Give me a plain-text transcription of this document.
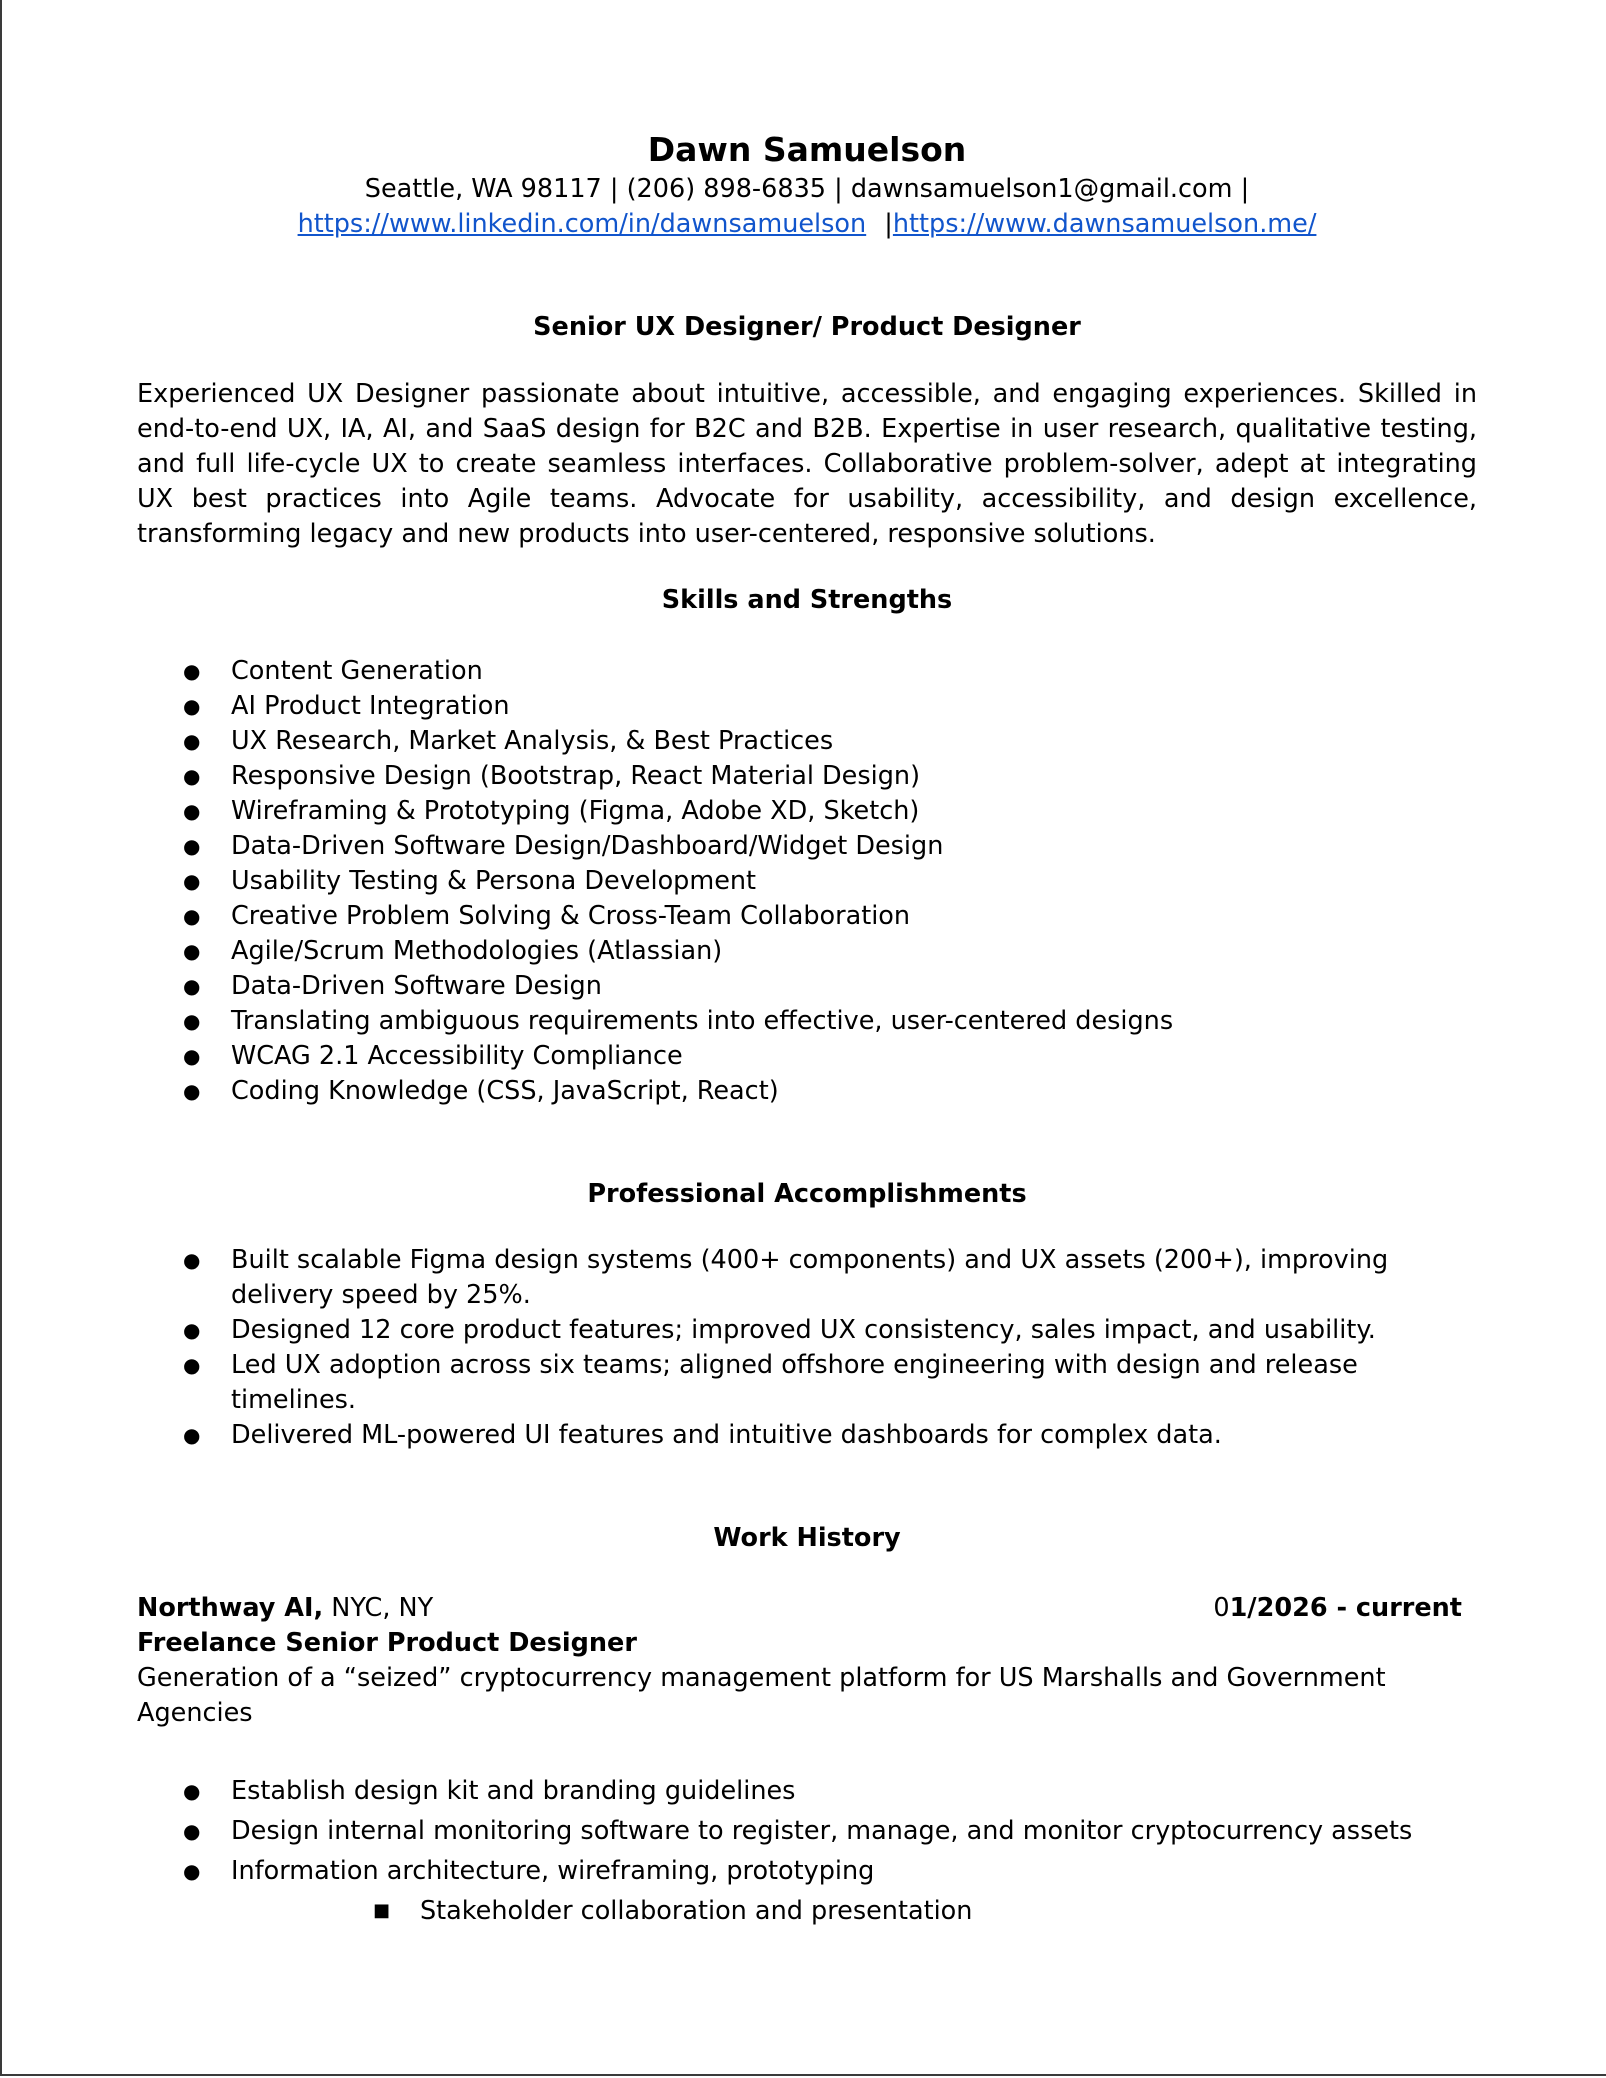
Dawn Samuelson
Seattle, WA 98117 | (206) 898-6835 | dawnsamuelson1@gmail.com |
https://www.linkedin.com/in/dawnsamuelson |https://www.dawnsamuelson.me/
Senior UX Designer/ Product Designer
Experienced UX Designer passionate about intuitive, accessible, and engaging experiences. Skilled in end-to-end UX, IA, AI, and SaaS design for B2C and B2B. Expertise in user research, qualitative testing, and full life-cycle UX to create seamless interfaces. Collaborative problem-solver, adept at integrating UX best practices into Agile teams. Advocate for usability, accessibility, and design excellence, transforming legacy and new products into user-centered, responsive solutions.
Skills and Strengths
● Content Generation
● AI Product Integration
● UX Research, Market Analysis, & Best Practices
● Responsive Design (Bootstrap, React Material Design)
● Wireframing & Prototyping (Figma, Adobe XD, Sketch)
● Data-Driven Software Design/Dashboard/Widget Design
● Usability Testing & Persona Development
● Creative Problem Solving & Cross-Team Collaboration
● Agile/Scrum Methodologies (Atlassian)
● Data-Driven Software Design
● Translating ambiguous requirements into effective, user-centered designs
● WCAG 2.1 Accessibility Compliance
● Coding Knowledge (CSS, JavaScript, React)
Professional Accomplishments
● Built scalable Figma design systems (400+ components) and UX assets (200+), improving delivery speed by 25%.
● Designed 12 core product features; improved UX consistency, sales impact, and usability.
● Led UX adoption across six teams; aligned offshore engineering with design and release timelines.
● Delivered ML-powered UI features and intuitive dashboards for complex data.
Work History
Northway AI, NYC, NY	01/2026 - current
Freelance Senior Product Designer
Generation of a “seized” cryptocurrency management platform for US Marshalls and Government Agencies
● Establish design kit and branding guidelines
● Design internal monitoring software to register, manage, and monitor cryptocurrency assets
● Information architecture, wireframing, prototyping
■ Stakeholder collaboration and presentation
